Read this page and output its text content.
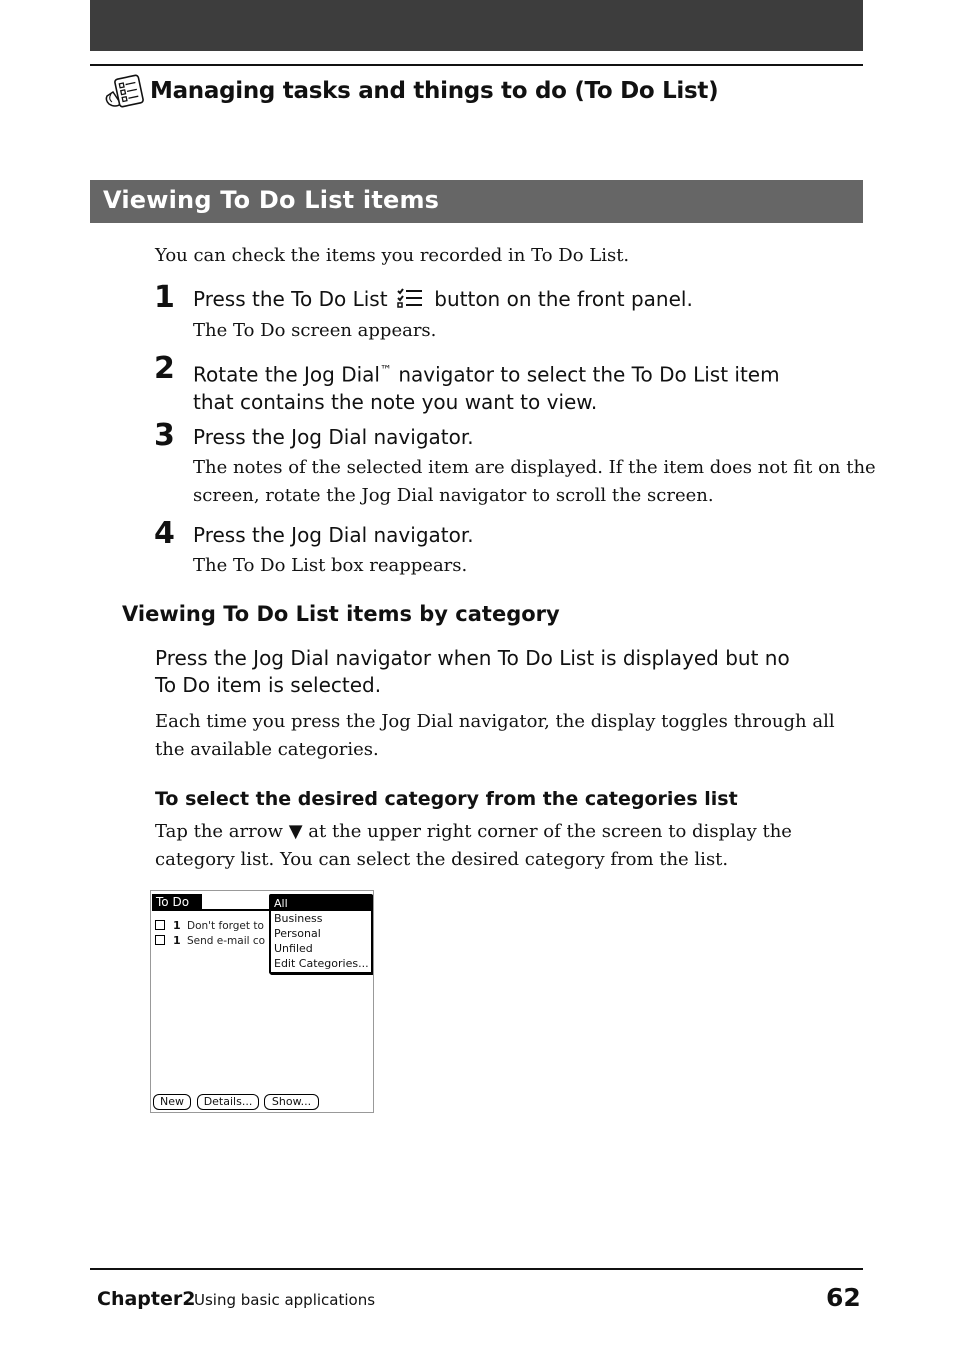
Managing tasks and things to do (To Do List)
Viewing To Do List items
You can check the items you recorded in To Do List.
1 Press the To Do List button on the front panel.
The To Do screen appears.
2 Rotate the Jog Dial™ navigator to select the To Do List item
that contains the note you want to view.
3 Press the Jog Dial navigator.
The notes of the selected item are displayed. If the item does not fit on the
screen, rotate the Jog Dial navigator to scroll the screen.
4 Press the Jog Dial navigator.
The To Do List box reappears.
Viewing To Do List items by category
Press the Jog Dial navigator when To Do List is displayed but no
To Do item is selected.
Each time you press the Jog Dial navigator, the display toggles through all
the available categories.
To select the desired category from the categories list
Tap the arrow ▼ at the upper right corner of the screen to display the
category list. You can select the desired category from the list.
To Do
1 Don't forget to
1 Send e-mail co
All
Business
Personal
Unfiled
Edit Categories...
New	Details...	Show...
Chapter2
Using basic applications	62
